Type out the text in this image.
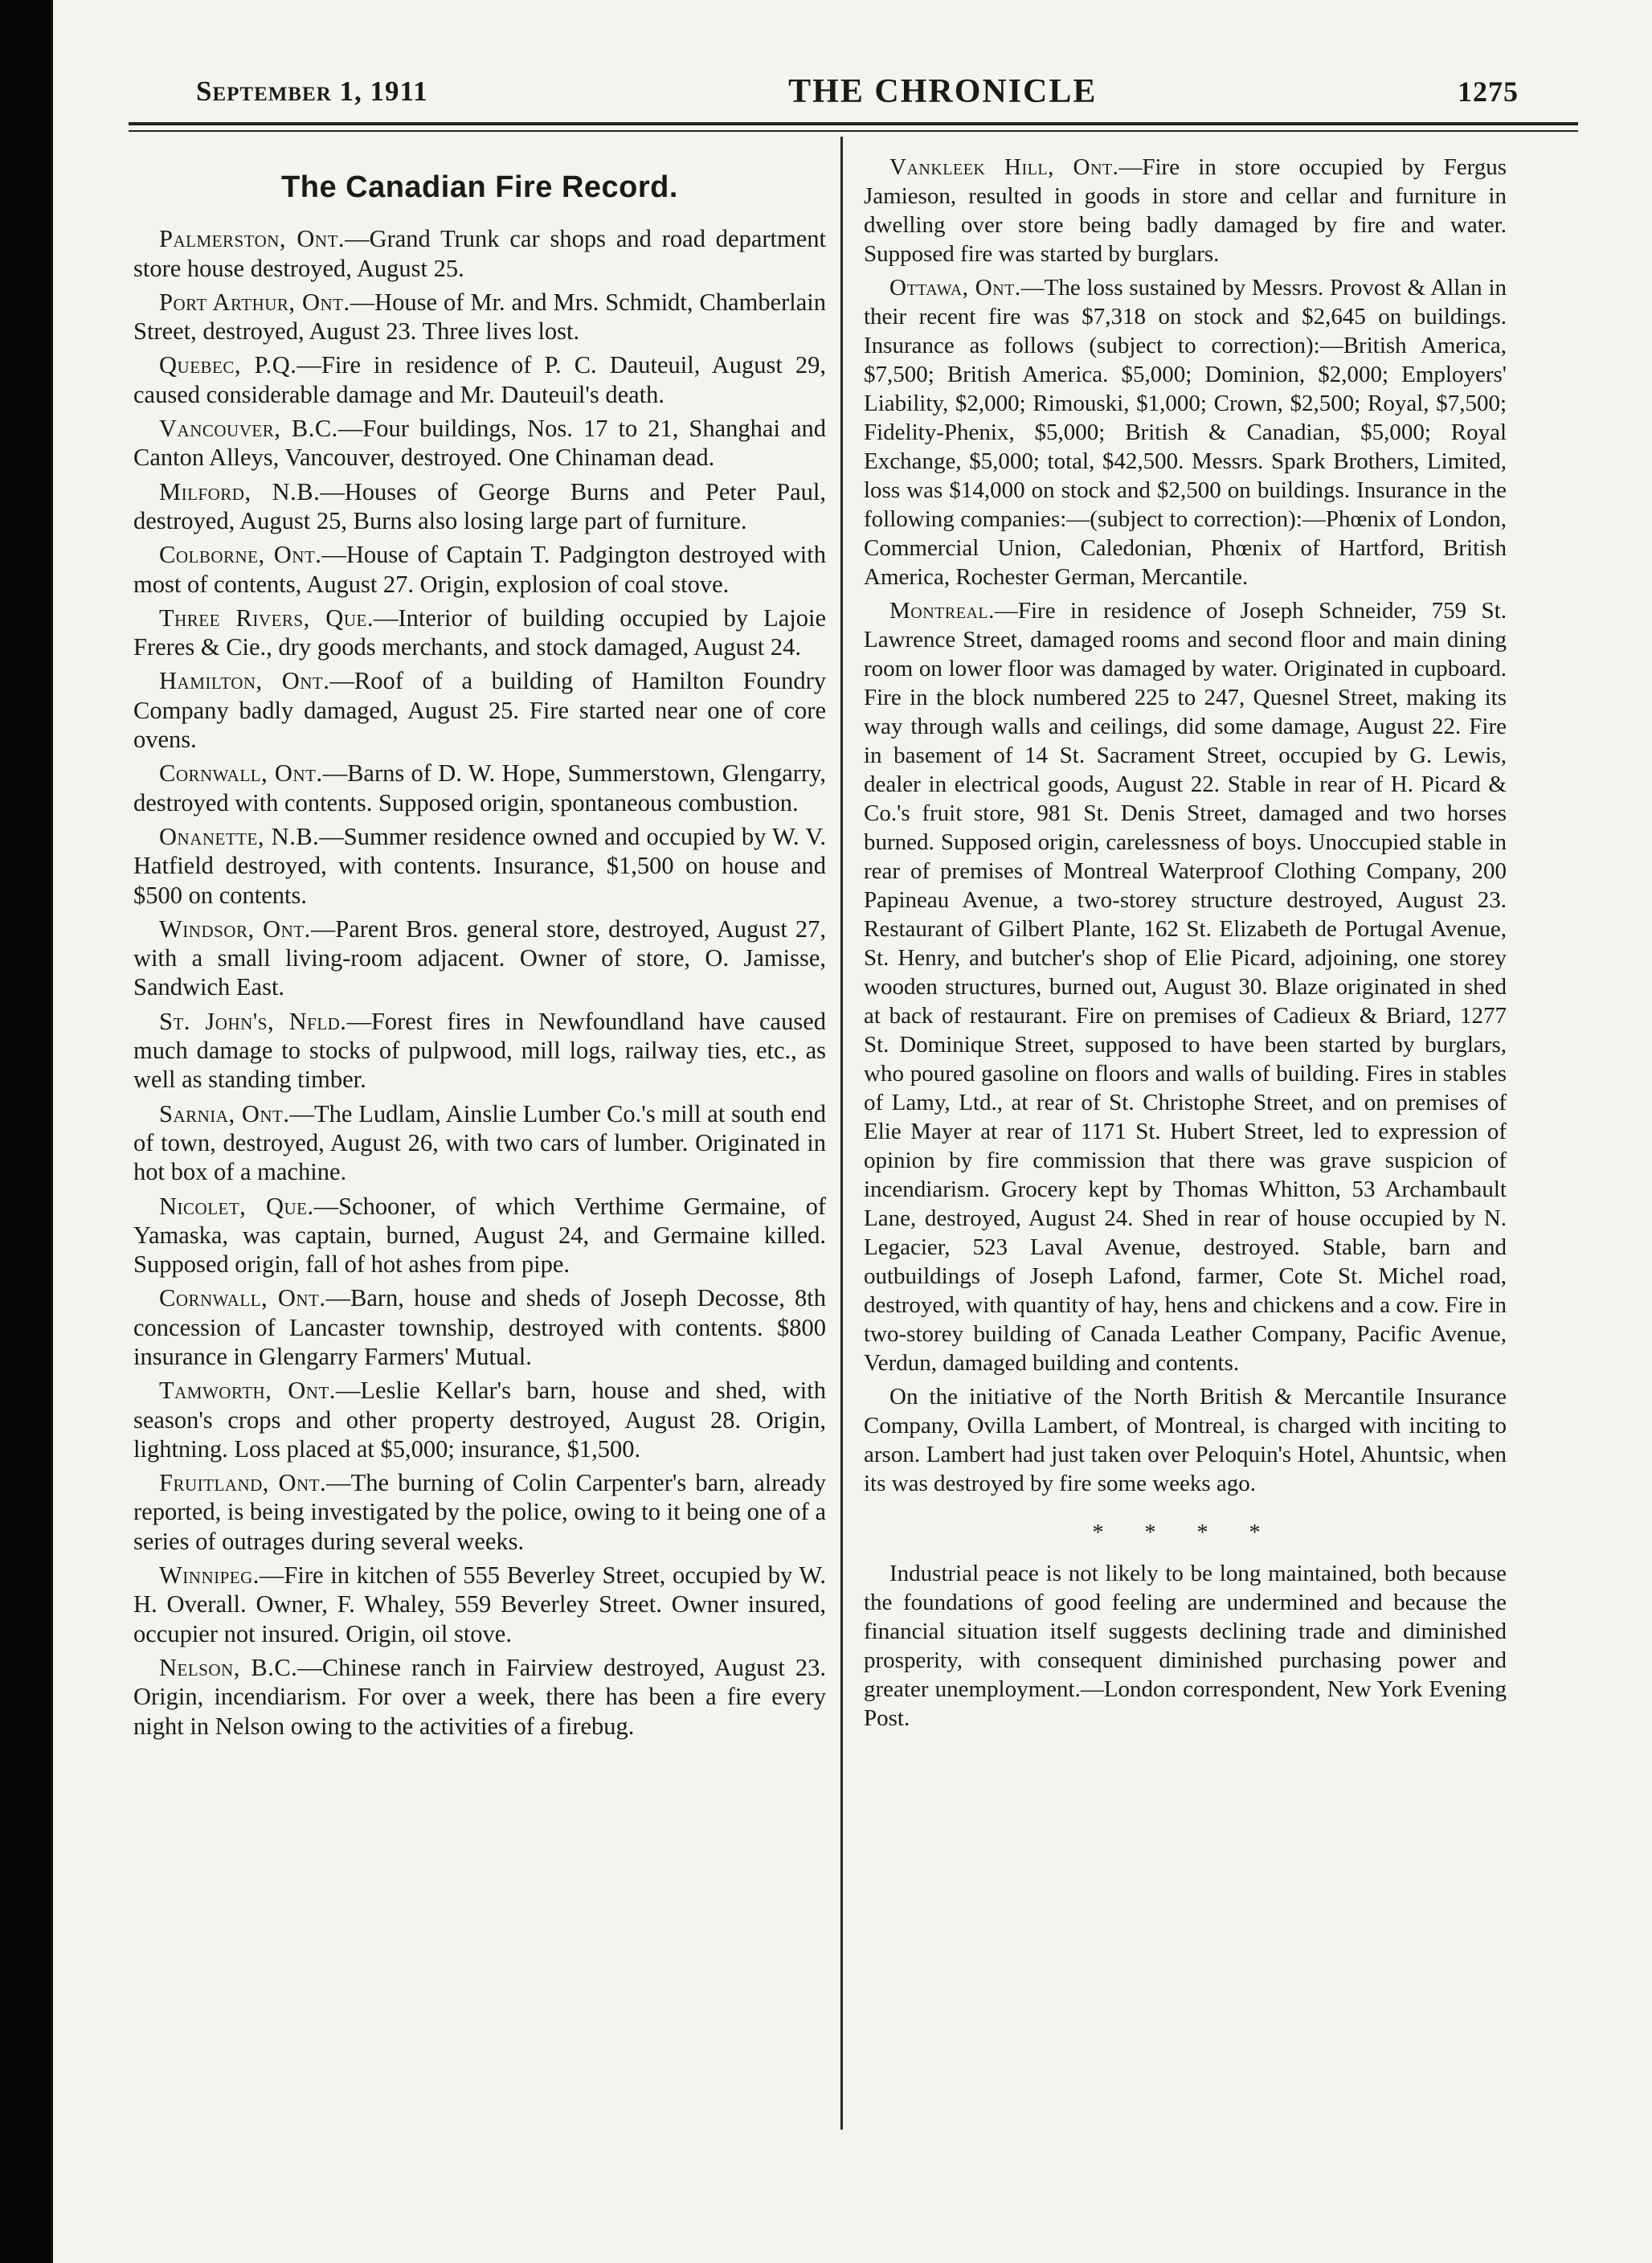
September 1, 1911	THE CHRONICLE	1275
The Canadian Fire Record.

Palmerston, Ont.—Grand Trunk car shops and road department store house destroyed, August 25.

Port Arthur, Ont.—House of Mr. and Mrs. Schmidt, Chamberlain Street, destroyed, August 23. Three lives lost.

Quebec, P.Q.—Fire in residence of P. C. Dauteuil, August 29, caused considerable damage and Mr. Dauteuil's death.

Vancouver, B.C.—Four buildings, Nos. 17 to 21, Shanghai and Canton Alleys, Vancouver, destroyed. One Chinaman dead.

Milford, N.B.—Houses of George Burns and Peter Paul, destroyed, August 25, Burns also losing large part of furniture.

Colborne, Ont.—House of Captain T. Padgington destroyed with most of contents, August 27. Origin, explosion of coal stove.

Three Rivers, Que.—Interior of building occupied by Lajoie Freres & Cie., dry goods merchants, and stock damaged, August 24.

Hamilton, Ont.—Roof of a building of Hamilton Foundry Company badly damaged, August 25. Fire started near one of core ovens.

Cornwall, Ont.—Barns of D. W. Hope, Summerstown, Glengarry, destroyed with contents. Supposed origin, spontaneous combustion.

Onanette, N.B.—Summer residence owned and occupied by W. V. Hatfield destroyed, with contents. Insurance, $1,500 on house and $500 on contents.

Windsor, Ont.—Parent Bros. general store, destroyed, August 27, with a small living-room adjacent. Owner of store, O. Jamisse, Sandwich East.

St. John's, Nfld.—Forest fires in Newfoundland have caused much damage to stocks of pulpwood, mill logs, railway ties, etc., as well as standing timber.

Sarnia, Ont.—The Ludlam, Ainslie Lumber Co.'s mill at south end of town, destroyed, August 26, with two cars of lumber. Originated in hot box of a machine.

Nicolet, Que.—Schooner, of which Verthime Germaine, of Yamaska, was captain, burned, August 24, and Germaine killed. Supposed origin, fall of hot ashes from pipe.

Cornwall, Ont.—Barn, house and sheds of Joseph Decosse, 8th concession of Lancaster township, destroyed with contents. $800 insurance in Glengarry Farmers' Mutual.

Tamworth, Ont.—Leslie Kellar's barn, house and shed, with season's crops and other property destroyed, August 28. Origin, lightning. Loss placed at $5,000; insurance, $1,500.

Fruitland, Ont.—The burning of Colin Carpenter's barn, already reported, is being investigated by the police, owing to it being one of a series of outrages during several weeks.

Winnipeg.—Fire in kitchen of 555 Beverley Street, occupied by W. H. Overall. Owner, F. Whaley, 559 Beverley Street. Owner insured, occupier not insured. Origin, oil stove.

Nelson, B.C.—Chinese ranch in Fairview destroyed, August 23. Origin, incendiarism. For over a week, there has been a fire every night in Nelson owing to the activities of a firebug.

Vankleek Hill, Ont.—Fire in store occupied by Fergus Jamieson, resulted in goods in store and cellar and furniture in dwelling over store being badly damaged by fire and water. Supposed fire was started by burglars.

Ottawa, Ont.—The loss sustained by Messrs. Provost & Allan in their recent fire was $7,318 on stock and $2,645 on buildings. Insurance as follows (subject to correction):—British America, $7,500; British America. $5,000; Dominion, $2,000; Employers' Liability, $2,000; Rimouski, $1,000; Crown, $2,500; Royal, $7,500; Fidelity-Phenix, $5,000; British & Canadian, $5,000; Royal Exchange, $5,000; total, $42,500. Messrs. Spark Brothers, Limited, loss was $14,000 on stock and $2,500 on buildings. Insurance in the following companies:—(subject to correction):—Phœnix of London, Commercial Union, Caledonian, Phœnix of Hartford, British America, Rochester German, Mercantile.

Montreal.—Fire in residence of Joseph Schneider, 759 St. Lawrence Street, damaged rooms and second floor and main dining room on lower floor was damaged by water. Originated in cupboard. Fire in the block numbered 225 to 247, Quesnel Street, making its way through walls and ceilings, did some damage, August 22. Fire in basement of 14 St. Sacrament Street, occupied by G. Lewis, dealer in electrical goods, August 22. Stable in rear of H. Picard & Co.'s fruit store, 981 St. Denis Street, damaged and two horses burned. Supposed origin, carelessness of boys. Unoccupied stable in rear of premises of Montreal Waterproof Clothing Company, 200 Papineau Avenue, a two-storey structure destroyed, August 23. Restaurant of Gilbert Plante, 162 St. Elizabeth de Portugal Avenue, St. Henry, and butcher's shop of Elie Picard, adjoining, one storey wooden structures, burned out, August 30. Blaze originated in shed at back of restaurant. Fire on premises of Cadieux & Briard, 1277 St. Dominique Street, supposed to have been started by burglars, who poured gasoline on floors and walls of building. Fires in stables of Lamy, Ltd., at rear of St. Christophe Street, and on premises of Elie Mayer at rear of 1171 St. Hubert Street, led to expression of opinion by fire commission that there was grave suspicion of incendiarism. Grocery kept by Thomas Whitton, 53 Archambault Lane, destroyed, August 24. Shed in rear of house occupied by N. Legacier, 523 Laval Avenue, destroyed. Stable, barn and outbuildings of Joseph Lafond, farmer, Cote St. Michel road, destroyed, with quantity of hay, hens and chickens and a cow. Fire in two-storey building of Canada Leather Company, Pacific Avenue, Verdun, damaged building and contents.

On the initiative of the North British & Mercantile Insurance Company, Ovilla Lambert, of Montreal, is charged with inciting to arson. Lambert had just taken over Peloquin's Hotel, Ahuntsic, when its was destroyed by fire some weeks ago.

* * * *

Industrial peace is not likely to be long maintained, both because the foundations of good feeling are undermined and because the financial situation itself suggests declining trade and diminished prosperity, with consequent diminished purchasing power and greater unemployment.—London correspondent, New York Evening Post.
